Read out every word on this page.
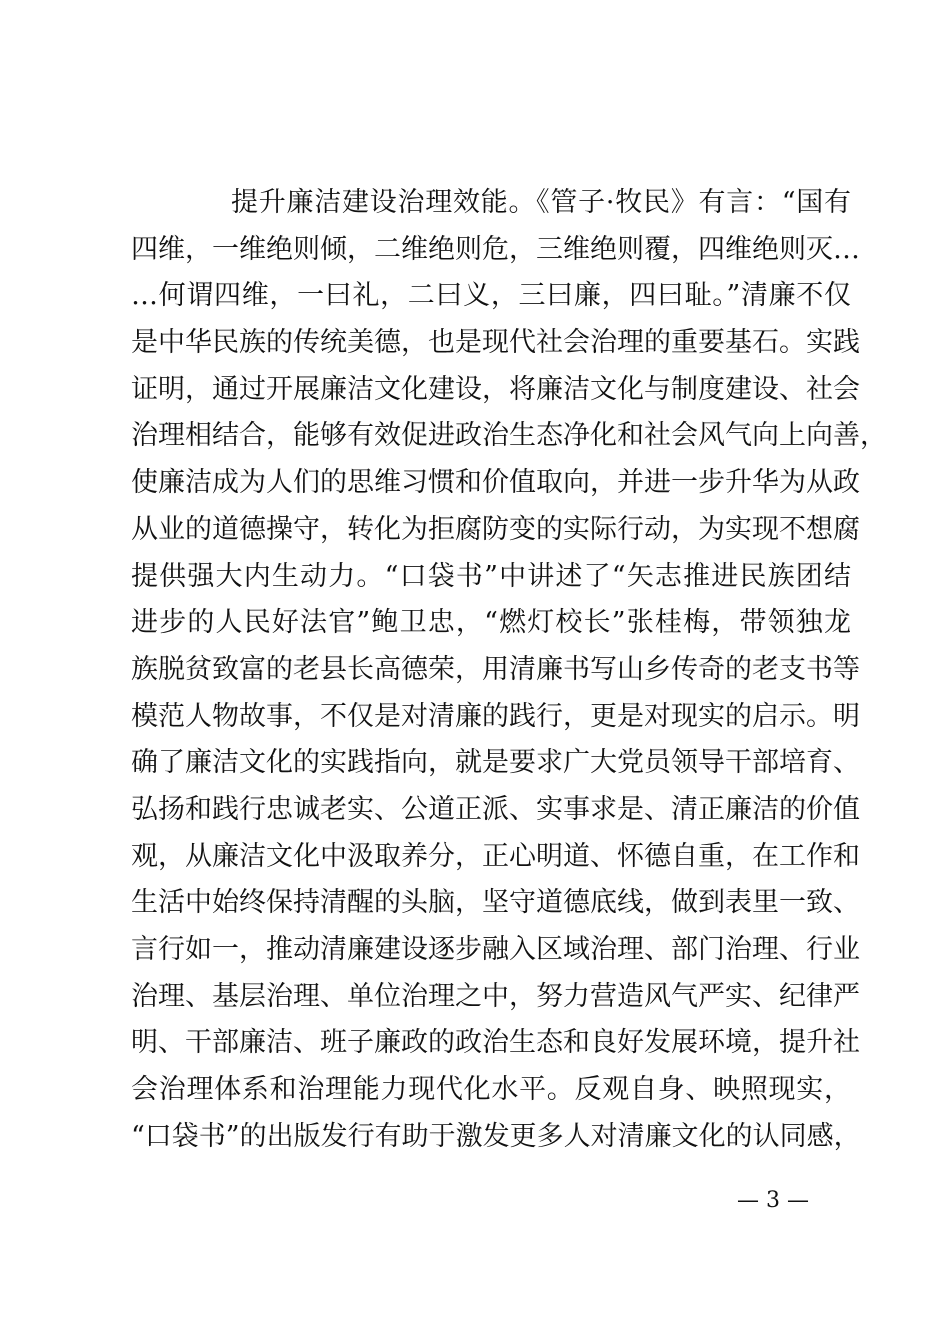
提升廉洁建设治理效能。《管子·牧民》有言：“国有
四维，一维绝则倾，二维绝则危，三维绝则覆，四维绝则灭…
…何谓四维，一曰礼，二曰义，三曰廉，四曰耻。”清廉不仅
是中华民族的传统美德，也是现代社会治理的重要基石。实践
证明，通过开展廉洁文化建设，将廉洁文化与制度建设、社会
治理相结合，能够有效促进政治生态净化和社会风气向上向善，
使廉洁成为人们的思维习惯和价值取向，并进一步升华为从政
从业的道德操守，转化为拒腐防变的实际行动，为实现不想腐
提供强大内生动力。“口袋书”中讲述了“矢志推进民族团结
进步的人民好法官”鲍卫忠，“燃灯校长”张桂梅，带领独龙
族脱贫致富的老县长高德荣，用清廉书写山乡传奇的老支书等
模范人物故事，不仅是对清廉的践行，更是对现实的启示。明
确了廉洁文化的实践指向，就是要求广大党员领导干部培育、
弘扬和践行忠诚老实、公道正派、实事求是、清正廉洁的价值
观，从廉洁文化中汲取养分，正心明道、怀德自重，在工作和
生活中始终保持清醒的头脑，坚守道德底线，做到表里一致、
言行如一，推动清廉建设逐步融入区域治理、部门治理、行业
治理、基层治理、单位治理之中，努力营造风气严实、纪律严
明、干部廉洁、班子廉政的政治生态和良好发展环境，提升社
会治理体系和治理能力现代化水平。反观自身、映照现实，
“口袋书”的出版发行有助于激发更多人对清廉文化的认同感，
— 3 —
